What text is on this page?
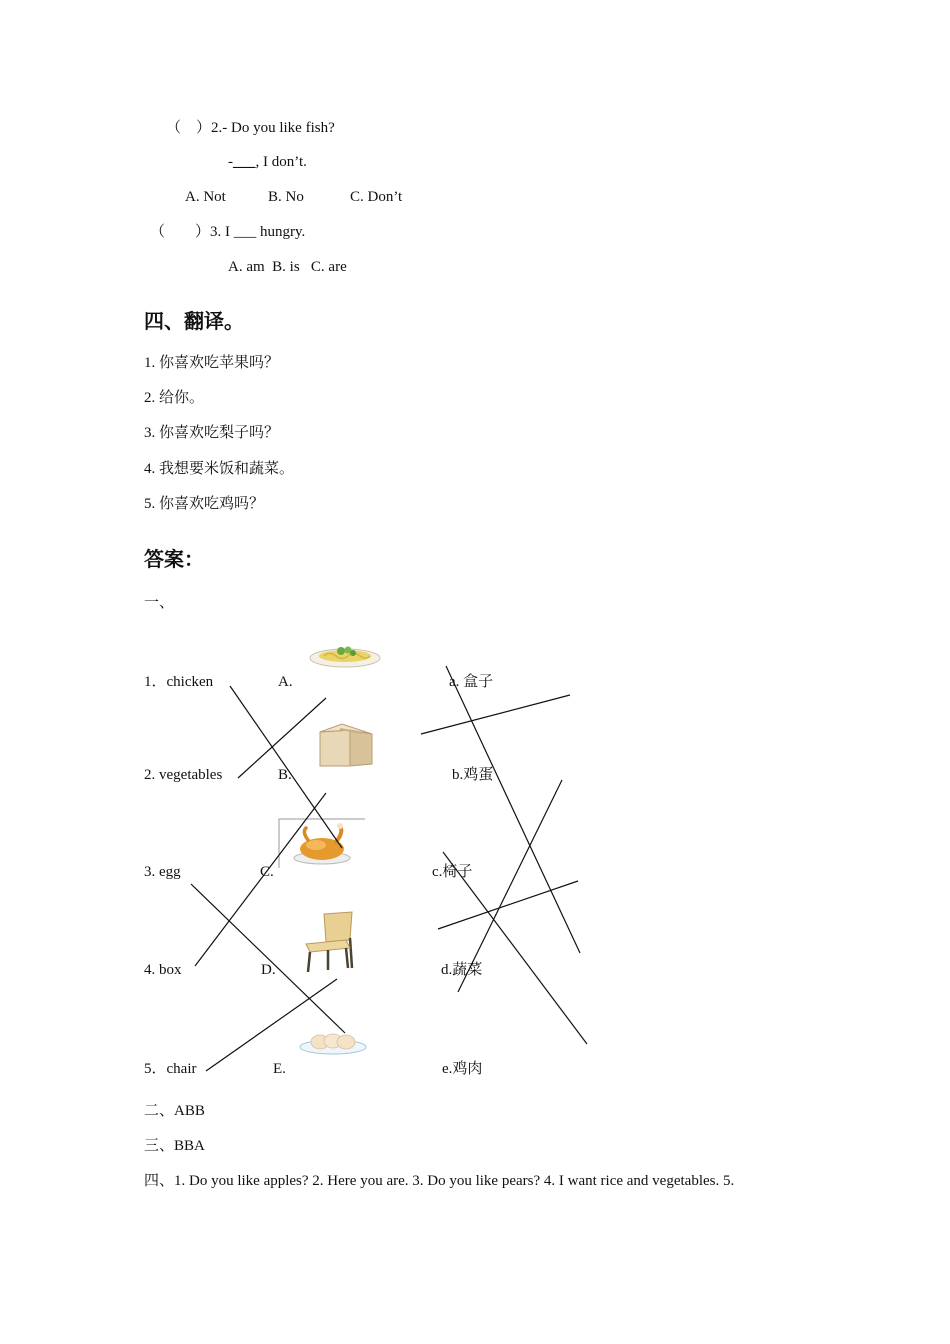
（　）2.- Do you like fish?
-___, I don’t.
A. Not	B. No	C. Don’t
（　　）3. I ___ hungry.
A. am  B. is   C. are
四、翻译。
1. 你喜欢吃苹果吗？
2. 给你。
3. 你喜欢吃梨子吗？
4. 我想要米饭和蔬菜。
5. 你喜欢吃鸡吗？
答案：
一、
1．chicken
2. vegetables
3. egg
4. box
5．chair
A.
B.
C.
D.
E.
a. 盒子
b.鸡蛋
c.椅子
d.蔬菜
e.鸡肉
二、ABB
三、BBA
四、1. Do you like apples? 2. Here you are. 3. Do you like pears? 4. I want rice and vegetables. 5.
